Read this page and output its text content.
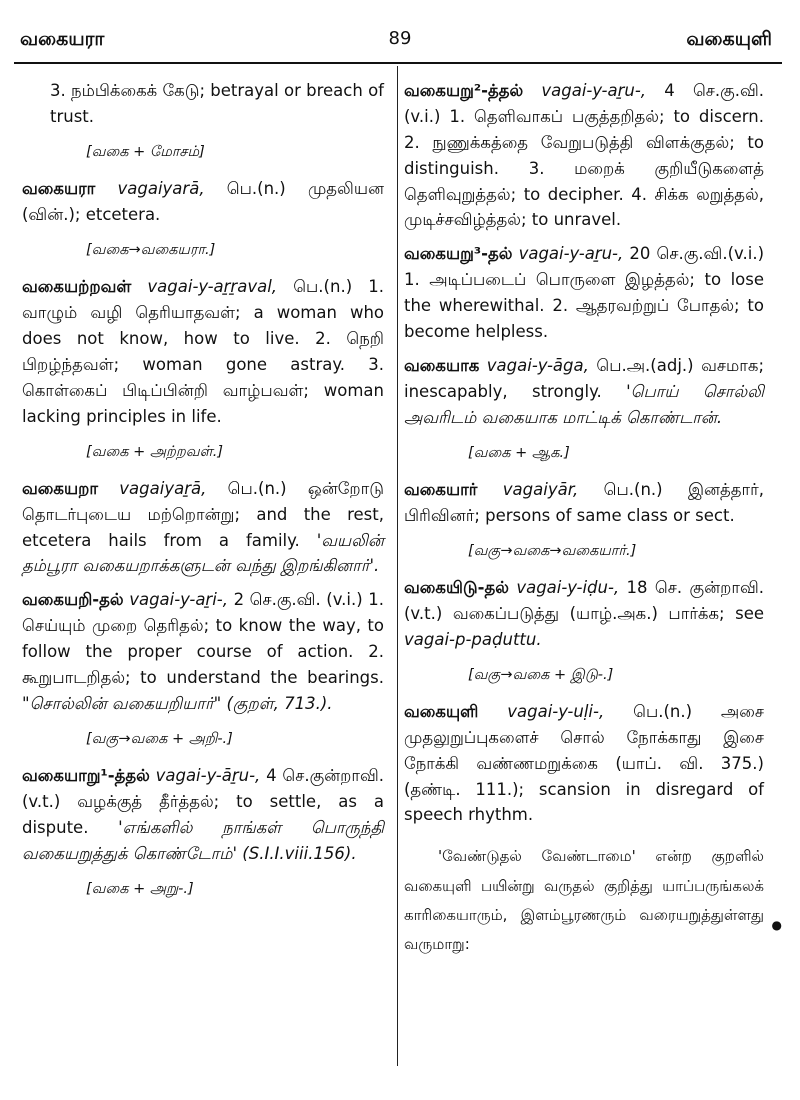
வகையரா	89	வகையுளி
3. நம்பிக்கைக் கேடு; betrayal or breach of trust.
[வகை + மோசம்]
வகையரா vagaiyarā, பெ.(n.) முதலியன (வின்.); etcetera.
[வகை→வகையரா.]
வகையற்றவள் vagai-y-aṟṟaval, பெ.(n.) 1. வாழும் வழி தெரியாதவள்; a woman who does not know, how to live. 2. நெறி பிறழ்ந்தவள்; woman gone astray. 3. கொள்கைப் பிடிப்பின்றி வாழ்பவள்; woman lacking principles in life.
[வகை + அற்றவள்.]
வகையறா vagaiyaṟā, பெ.(n.) ஒன்றோடு தொடர்புடைய மற்றொன்று; and the rest, etcetera hails from a family. 'வயலின் தம்பூரா வகையறாக்களுடன் வந்து இறங்கினார்'.
வகையறி-தல் vagai-y-aṟi-, 2 செ.கு.வி. (v.i.) 1. செய்யும் முறை தெரிதல்; to know the way, to follow the proper course of action. 2. கூறுபாடறிதல்; to understand the bearings. "சொல்லின் வகையறியார்" (குறள், 713.).
[வகு→வகை + அறி-.]
வகையாறு¹-த்தல் vagai-y-āṟu-, 4 செ.குன்றாவி. (v.t.) வழக்குத் தீர்த்தல்; to settle, as a dispute. 'எங்களில் நாங்கள் பொருந்தி வகையறுத்துக் கொண்டோம்' (S.I.I.viii.156).
[வகை + அறு-.]
வகையறு²-த்தல் vagai-y-aṟu-, 4 செ.கு.வி. (v.i.) 1. தெளிவாகப் பகுத்தறிதல்; to discern. 2. நுணுக்கத்தை வேறுபடுத்தி விளக்குதல்; to distinguish. 3. மறைக் குறியீடுகளைத் தெளிவுறுத்தல்; to decipher. 4. சிக்க லறுத்தல், முடிச்சவிழ்த்தல்; to unravel.
வகையறு³-தல் vagai-y-aṟu-, 20 செ.கு.வி.(v.i.) 1. அடிப்படைப் பொருளை இழத்தல்; to lose the wherewithal. 2. ஆதரவற்றுப் போதல்; to become helpless.
வகையாக vagai-y-āga, பெ.அ.(adj.) வசமாக; inescapably, strongly. 'பொய் சொல்லி அவரிடம் வகையாக மாட்டிக் கொண்டான்.
[வகை + ஆக.]
வகையார் vagaiyār, பெ.(n.) இனத்தார், பிரிவினர்; persons of same class or sect.
[வகு→வகை→வகையார்.]
வகையிடு-தல் vagai-y-iḍu-, 18 செ. குன்றாவி.(v.t.) வகைப்படுத்து (யாழ்.அக.) பார்க்க; see vagai-p-paḍuttu.
[வகு→வகை + இடு-.]
வகையுளி vagai-y-uḷi-, பெ.(n.) அசை முதலுறுப்புகளைச் சொல் நோக்காது இசை நோக்கி வண்ணமறுக்கை (யாப். வி. 375.) (தண்டி. 111.); scansion in disregard of speech rhythm.
'வேண்டுதல் வேண்டாமை' என்ற குறளில் வகையுளி பயின்று வருதல் குறித்து யாப்பருங்கலக் காரிகையாரும், இளம்பூரணரும் வரையறுத்துள்ளது வருமாறு:
●
